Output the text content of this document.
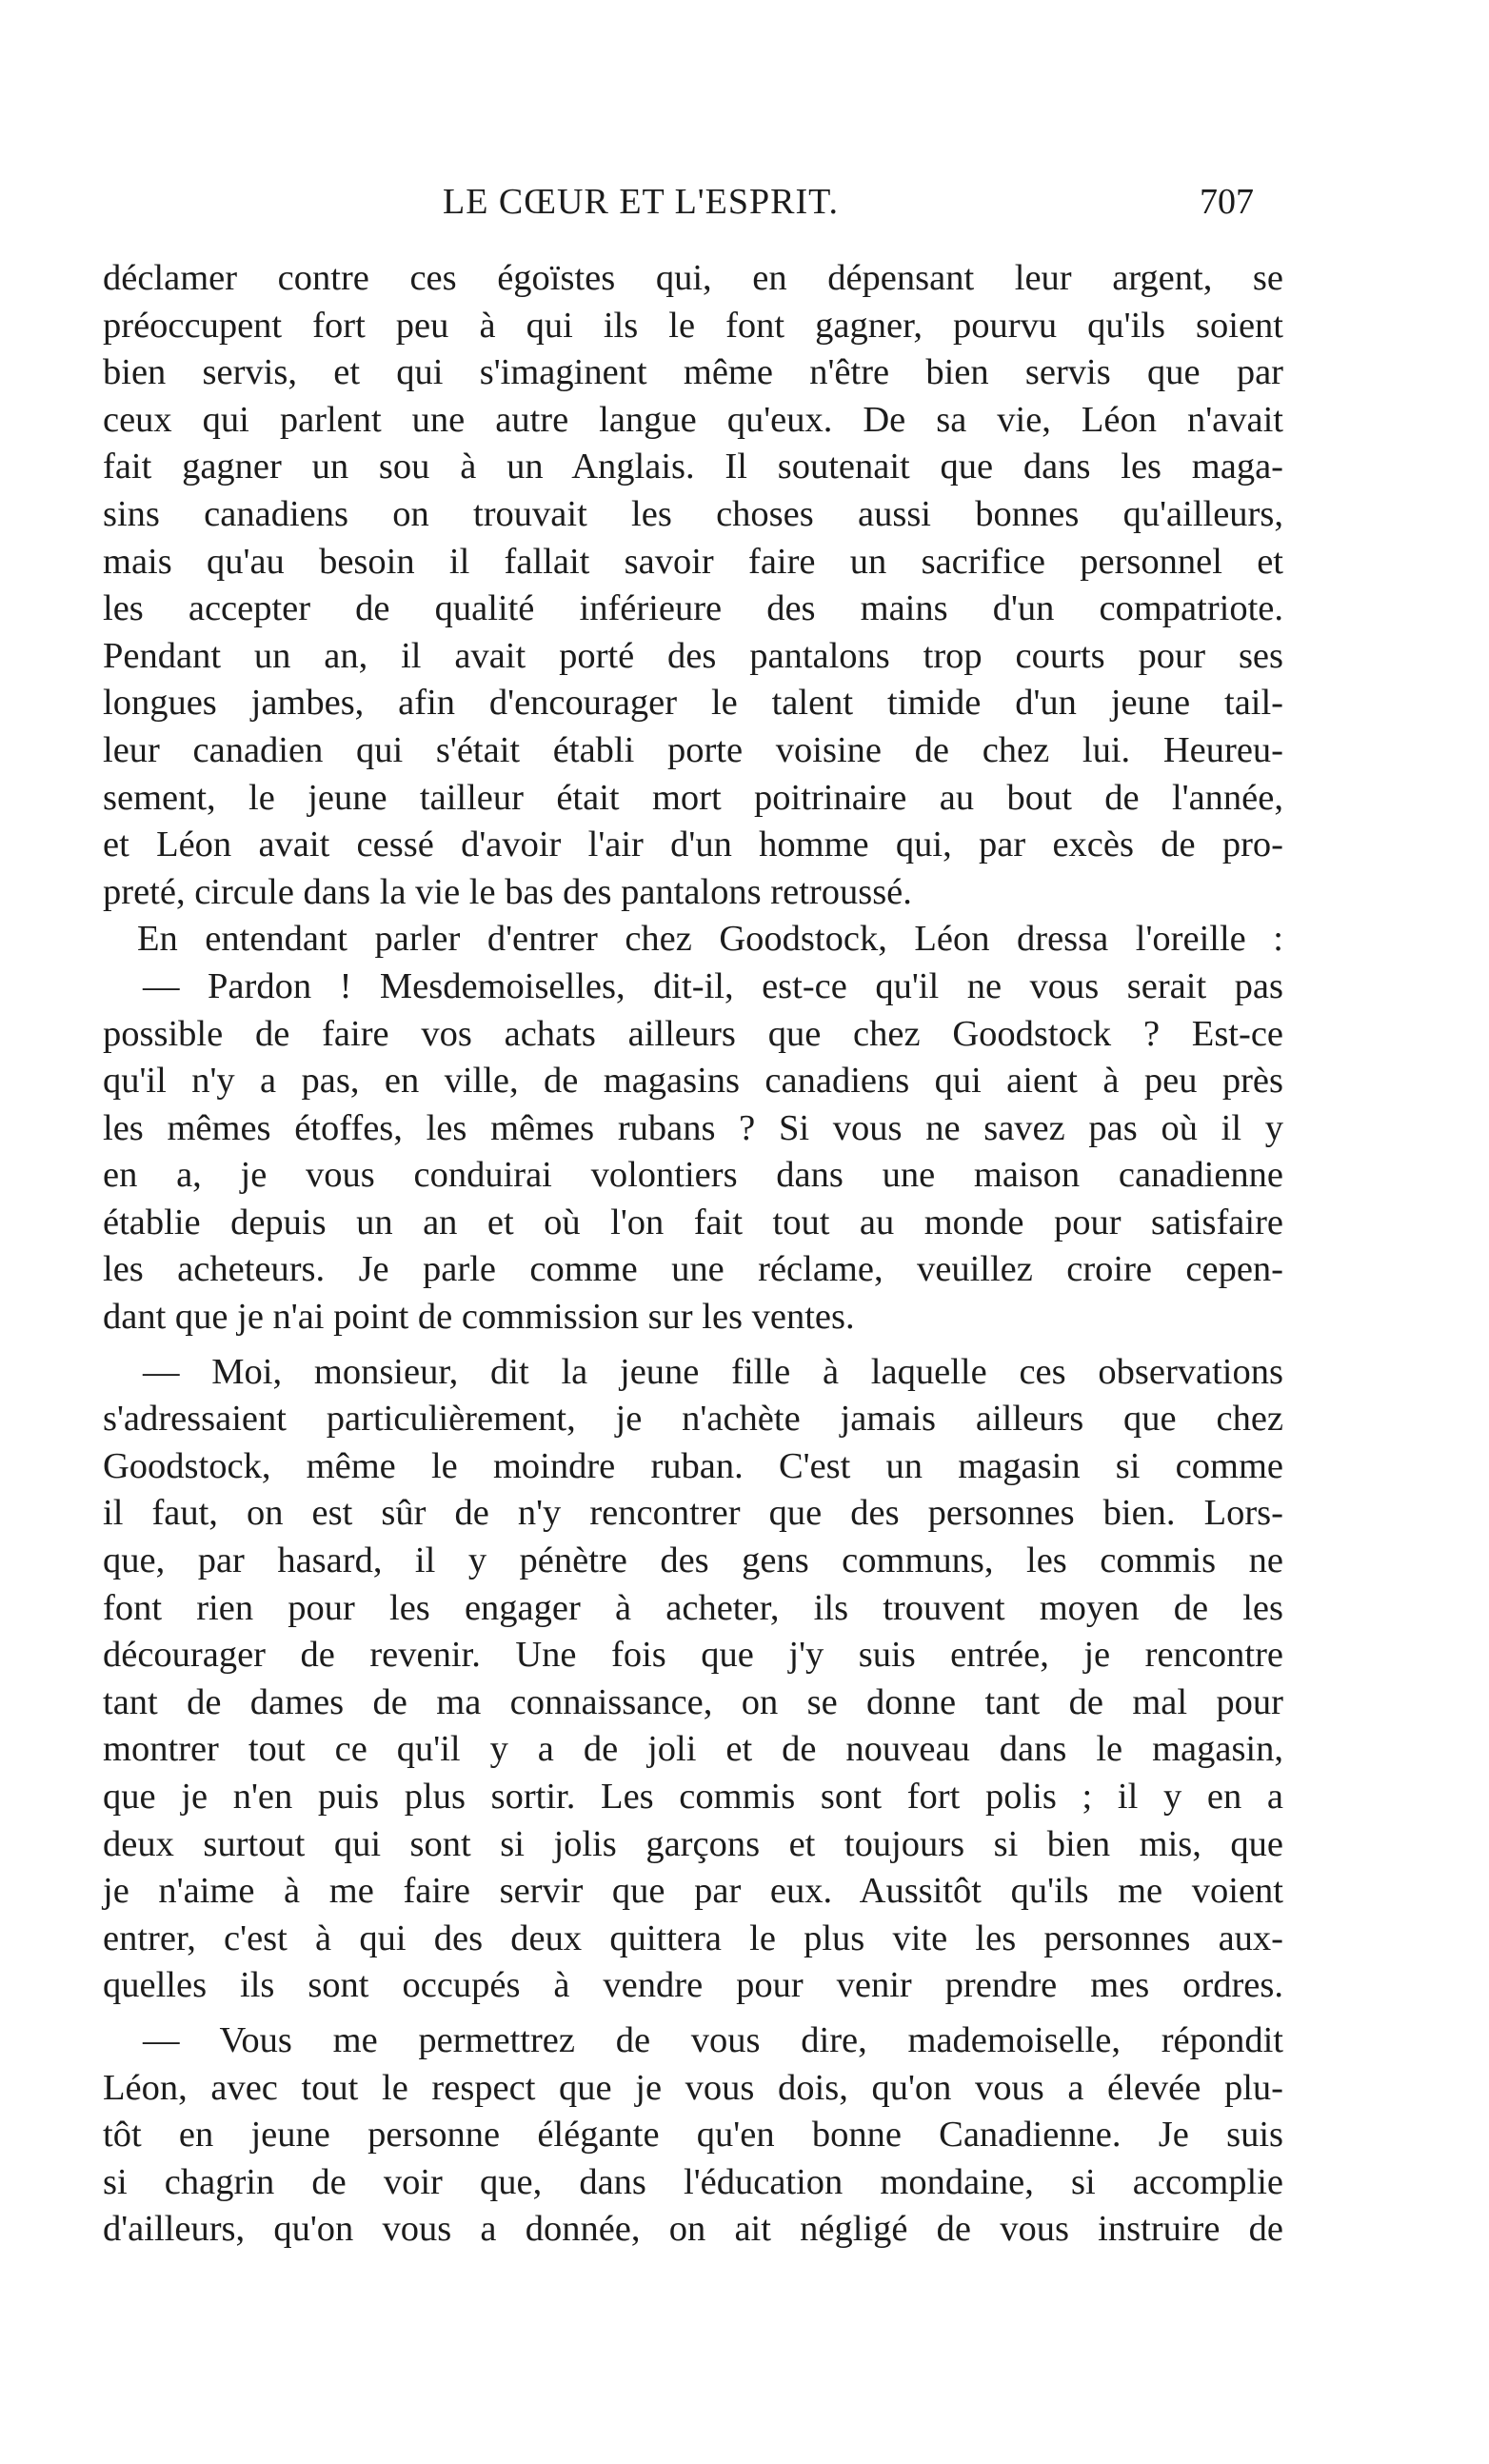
LE CŒUR ET L'ESPRIT.	707
déclamer contre ces égoïstes qui, en dépensant leur argent, se
préoccupent fort peu à qui ils le font gagner, pourvu qu'ils soient
bien servis, et qui s'imaginent même n'être bien servis que par
ceux qui parlent une autre langue qu'eux. De sa vie, Léon n'avait
fait gagner un sou à un Anglais. Il soutenait que dans les maga-
sins canadiens on trouvait les choses aussi bonnes qu'ailleurs,
mais qu'au besoin il fallait savoir faire un sacrifice personnel et
les accepter de qualité inférieure des mains d'un compatriote.
Pendant un an, il avait porté des pantalons trop courts pour ses
longues jambes, afin d'encourager le talent timide d'un jeune tail-
leur canadien qui s'était établi porte voisine de chez lui. Heureu-
sement, le jeune tailleur était mort poitrinaire au bout de l'année,
et Léon avait cessé d'avoir l'air d'un homme qui, par excès de pro-
preté, circule dans la vie le bas des pantalons retroussé.
En entendant parler d'entrer chez Goodstock, Léon dressa l'oreille :
— Pardon ! Mesdemoiselles, dit-il, est-ce qu'il ne vous serait pas
possible de faire vos achats ailleurs que chez Goodstock ? Est-ce
qu'il n'y a pas, en ville, de magasins canadiens qui aient à peu près
les mêmes étoffes, les mêmes rubans ? Si vous ne savez pas où il y
en a, je vous conduirai volontiers dans une maison canadienne
établie depuis un an et où l'on fait tout au monde pour satisfaire
les acheteurs. Je parle comme une réclame, veuillez croire cepen-
dant que je n'ai point de commission sur les ventes.
— Moi, monsieur, dit la jeune fille à laquelle ces observations
s'adressaient particulièrement, je n'achète jamais ailleurs que chez
Goodstock, même le moindre ruban. C'est un magasin si comme
il faut, on est sûr de n'y rencontrer que des personnes bien. Lors-
que, par hasard, il y pénètre des gens communs, les commis ne
font rien pour les engager à acheter, ils trouvent moyen de les
décourager de revenir. Une fois que j'y suis entrée, je rencontre
tant de dames de ma connaissance, on se donne tant de mal pour
montrer tout ce qu'il y a de joli et de nouveau dans le magasin,
que je n'en puis plus sortir. Les commis sont fort polis ; il y en a
deux surtout qui sont si jolis garçons et toujours si bien mis, que
je n'aime à me faire servir que par eux. Aussitôt qu'ils me voient
entrer, c'est à qui des deux quittera le plus vite les personnes aux-
quelles ils sont occupés à vendre pour venir prendre mes ordres.
— Vous me permettrez de vous dire, mademoiselle, répondit
Léon, avec tout le respect que je vous dois, qu'on vous a élevée plu-
tôt en jeune personne élégante qu'en bonne Canadienne. Je suis
si chagrin de voir que, dans l'éducation mondaine, si accomplie
d'ailleurs, qu'on vous a donnée, on ait négligé de vous instruire de
